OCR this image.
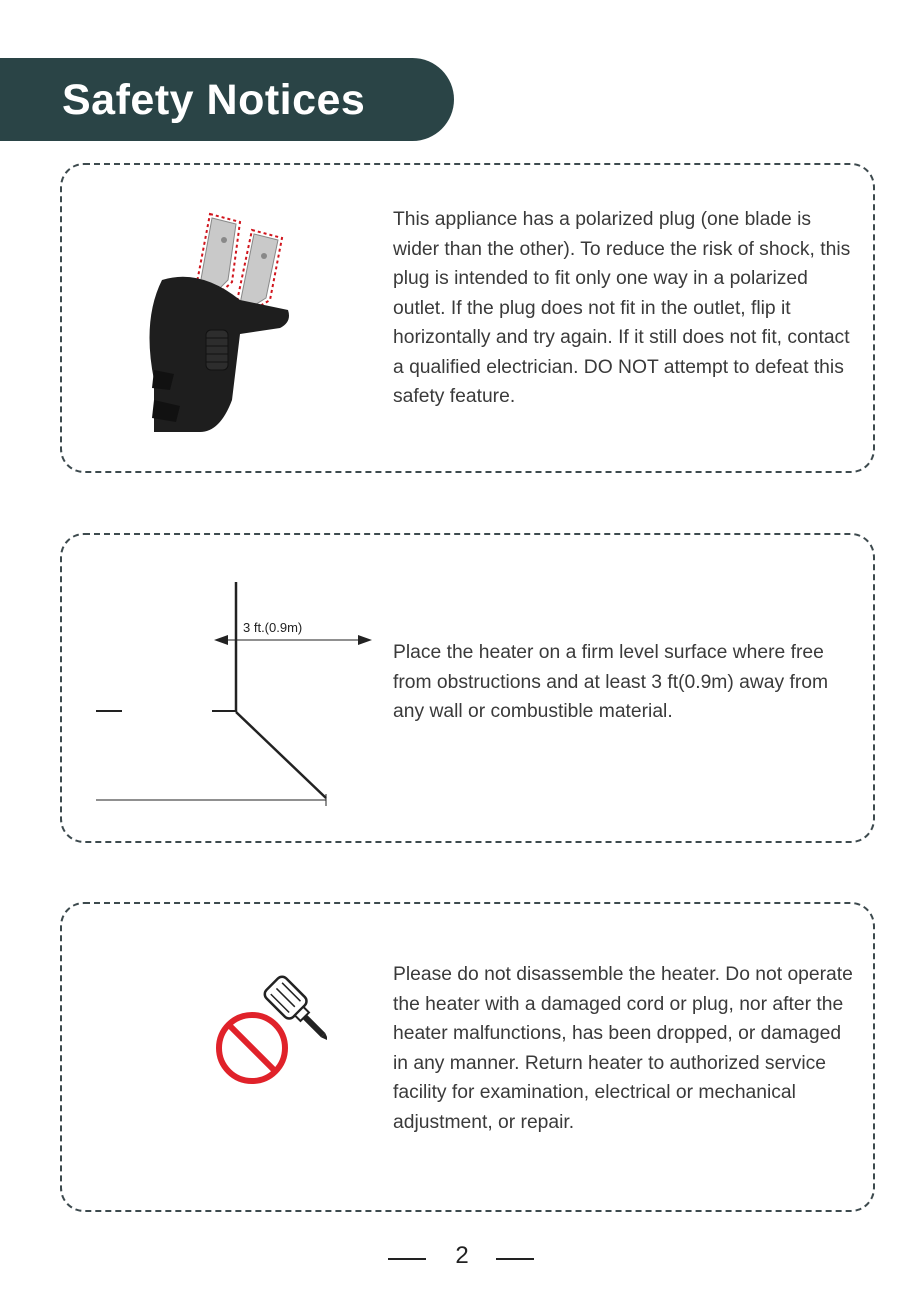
Safety Notices

This appliance has a polarized plug (one blade is wider than the other). To reduce the risk of shock, this plug is intended to fit only one way in a polarized outlet. If the plug does not fit in the outlet, flip it horizontally and try again. If it still does not fit, contact a qualified electrician. DO NOT attempt to defeat this safety feature.

3 ft.(0.9m)

Place the heater on a firm level surface where free from obstructions and at least 3 ft(0.9m) away from any wall or combustible material.

Please do not disassemble the heater. Do not operate the heater with a damaged cord or plug, nor after the heater malfunctions, has been dropped, or damaged in any manner. Return heater to authorized service facility for examination, electrical or mechanical adjustment, or repair.

2
